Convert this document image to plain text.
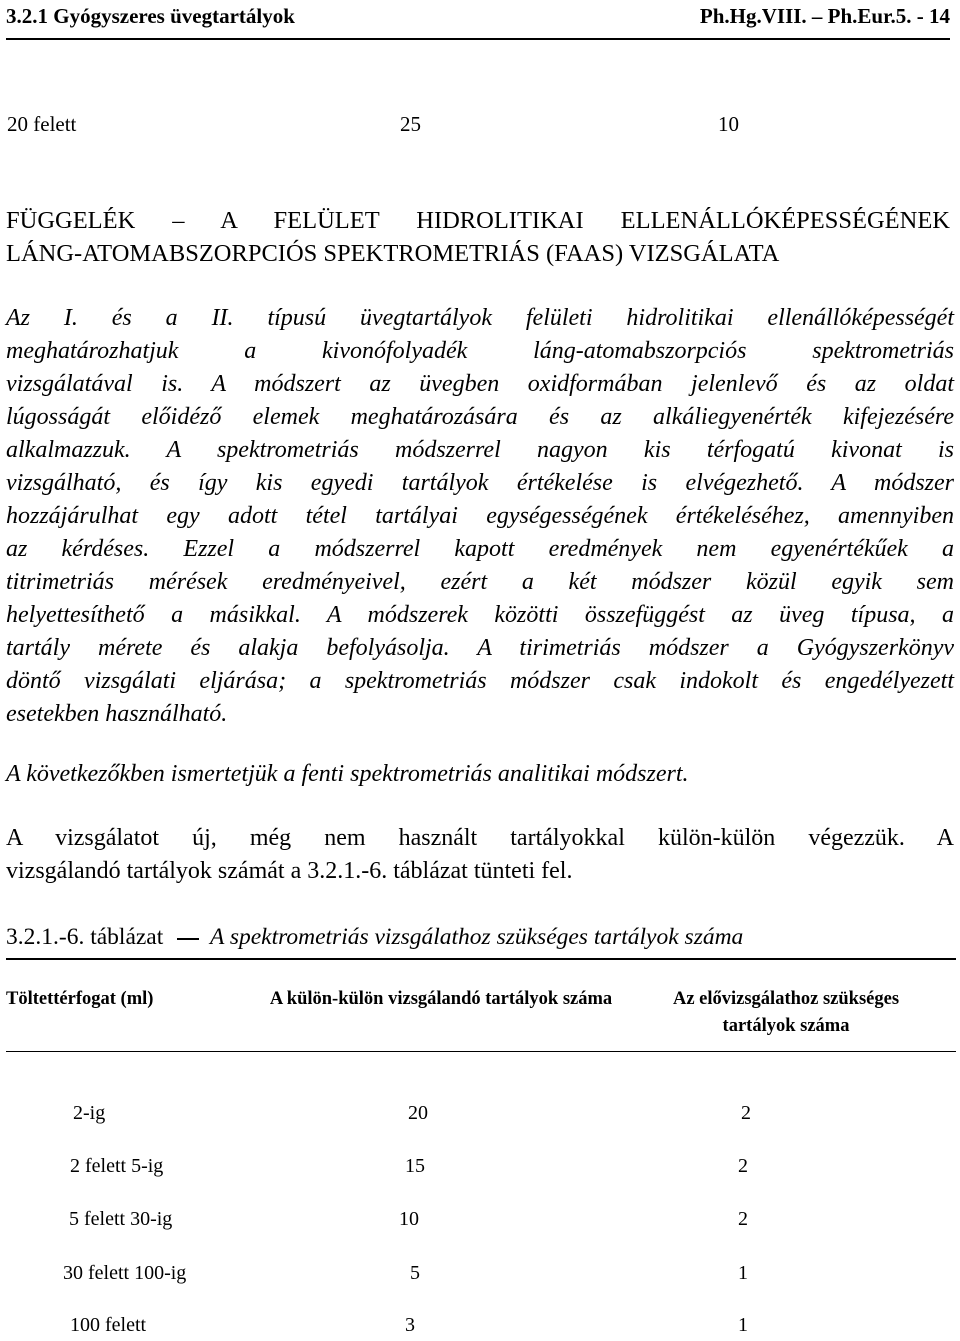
3.2.1 Gyógyszeres üvegtartályok	Ph.Hg.VIII. – Ph.Eur.5. - 14
20 felett	25	10
FÜGGELÉK – A FELÜLET HIDROLITIKAI ELLENÁLLÓKÉPESSÉGÉNEK
LÁNG-ATOMABSZORPCIÓS SPEKTROMETRIÁS (FAAS) VIZSGÁLATA
Az I. és a II. típusú üvegtartályok felületi hidrolitikai ellenállóképességét
meghatározhatjuk a kivonófolyadék láng-atomabszorpciós spektrometriás
vizsgálatával is. A módszert az üvegben oxidformában jelenlevő és az oldat
lúgosságát előidéző elemek meghatározására és az alkáliegyenérték kifejezésére
alkalmazzuk. A spektrometriás módszerrel nagyon kis térfogatú kivonat is
vizsgálható, és így kis egyedi tartályok értékelése is elvégezhető. A módszer
hozzájárulhat egy adott tétel tartályai egységességének értékeléséhez, amennyiben
az kérdéses. Ezzel a módszerrel kapott eredmények nem egyenértékűek a
titrimetriás mérések eredményeivel, ezért a két módszer közül egyik sem
helyettesíthető a másikkal. A módszerek közötti összefüggést az üveg típusa, a
tartály mérete és alakja befolyásolja. A tirimetriás módszer a Gyógyszerkönyv
döntő vizsgálati eljárása; a spektrometriás módszer csak indokolt és engedélyezett
esetekben használható.
A következőkben ismertetjük a fenti spektrometriás analitikai módszert.
A vizsgálatot új, még nem használt tartályokkal külön-külön végezzük. A
vizsgálandó tartályok számát a 3.2.1.-6. táblázat tünteti fel.
3.2.1.-6. táblázat A spektrometriás vizsgálathoz szükséges tartályok száma
Töltettérfogat (ml)	A külön-külön vizsgálandó tartályok száma	Az elővizsgálathoz szükséges tartályok száma
2-ig	20	2
2 felett 5-ig	15	2
5 felett 30-ig	10	2
30 felett 100-ig	5	1
100 felett	3	1
